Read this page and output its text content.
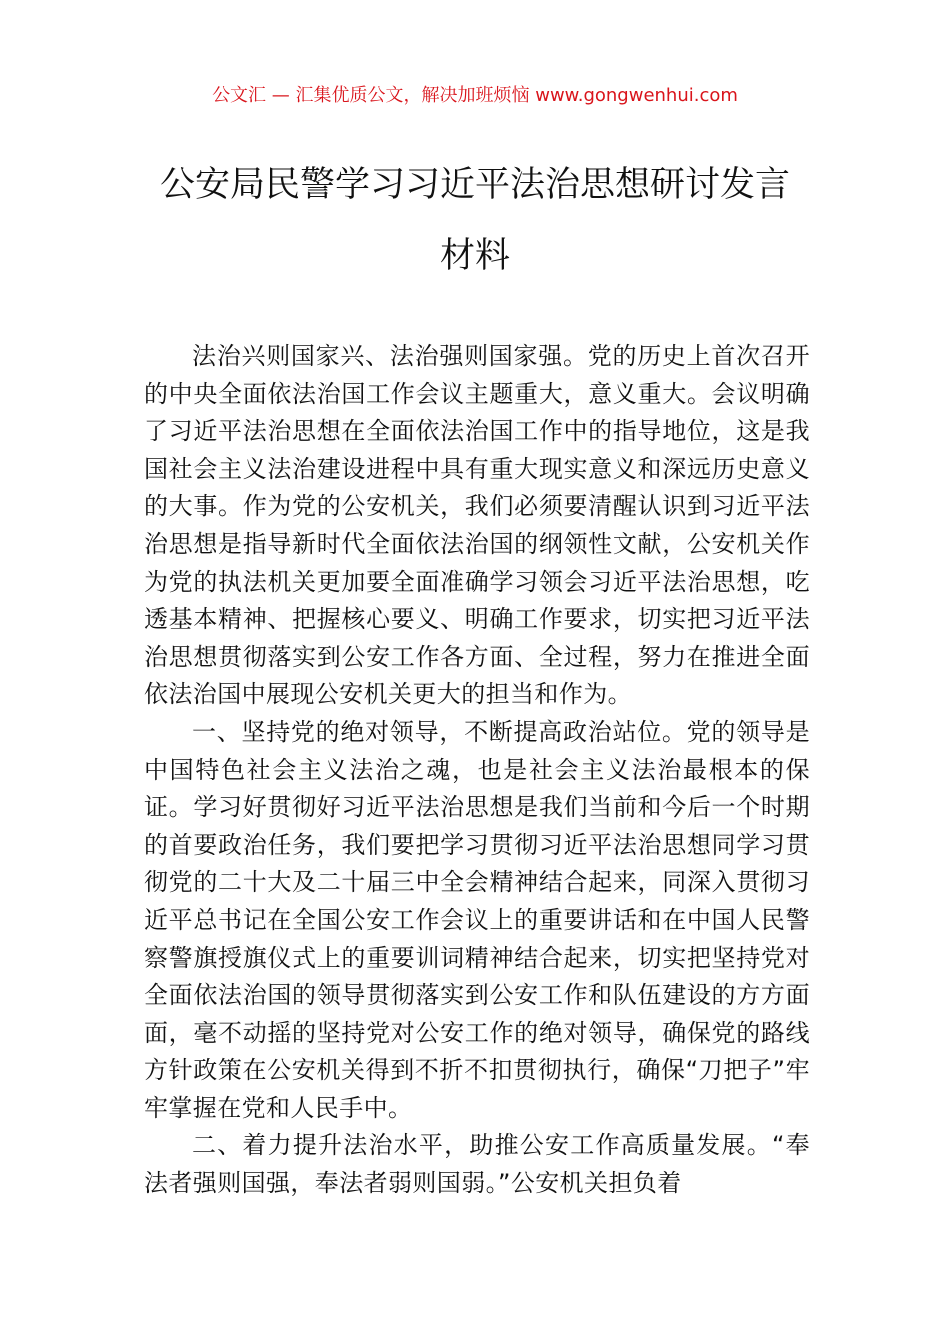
公文汇 — 汇集优质公文，解决加班烦恼 www.gongwenhui.com
公安局民警学习习近平法治思想研讨发言
材料

法治兴则国家兴、法治强则国家强。党的历史上首次召开的中央全面依法治国工作会议主题重大，意义重大。会议明确了习近平法治思想在全面依法治国工作中的指导地位，这是我国社会主义法治建设进程中具有重大现实意义和深远历史意义的大事。作为党的公安机关，我们必须要清醒认识到习近平法治思想是指导新时代全面依法治国的纲领性文献，公安机关作为党的执法机关更加要全面准确学习领会习近平法治思想，吃透基本精神、把握核心要义、明确工作要求，切实把习近平法治思想贯彻落实到公安工作各方面、全过程，努力在推进全面依法治国中展现公安机关更大的担当和作为。

一、坚持党的绝对领导，不断提高政治站位。党的领导是中国特色社会主义法治之魂，也是社会主义法治最根本的保证。学习好贯彻好习近平法治思想是我们当前和今后一个时期的首要政治任务，我们要把学习贯彻习近平法治思想同学习贯彻党的二十大及二十届三中全会精神结合起来，同深入贯彻习近平总书记在全国公安工作会议上的重要讲话和在中国人民警察警旗授旗仪式上的重要训词精神结合起来，切实把坚持党对全面依法治国的领导贯彻落实到公安工作和队伍建设的方方面面，毫不动摇的坚持党对公安工作的绝对领导，确保党的路线方针政策在公安机关得到不折不扣贯彻执行，确保“刀把子”牢牢掌握在党和人民手中。

二、着力提升法治水平，助推公安工作高质量发展。“奉法者强则国强，奉法者弱则国弱。”公安机关担负着
